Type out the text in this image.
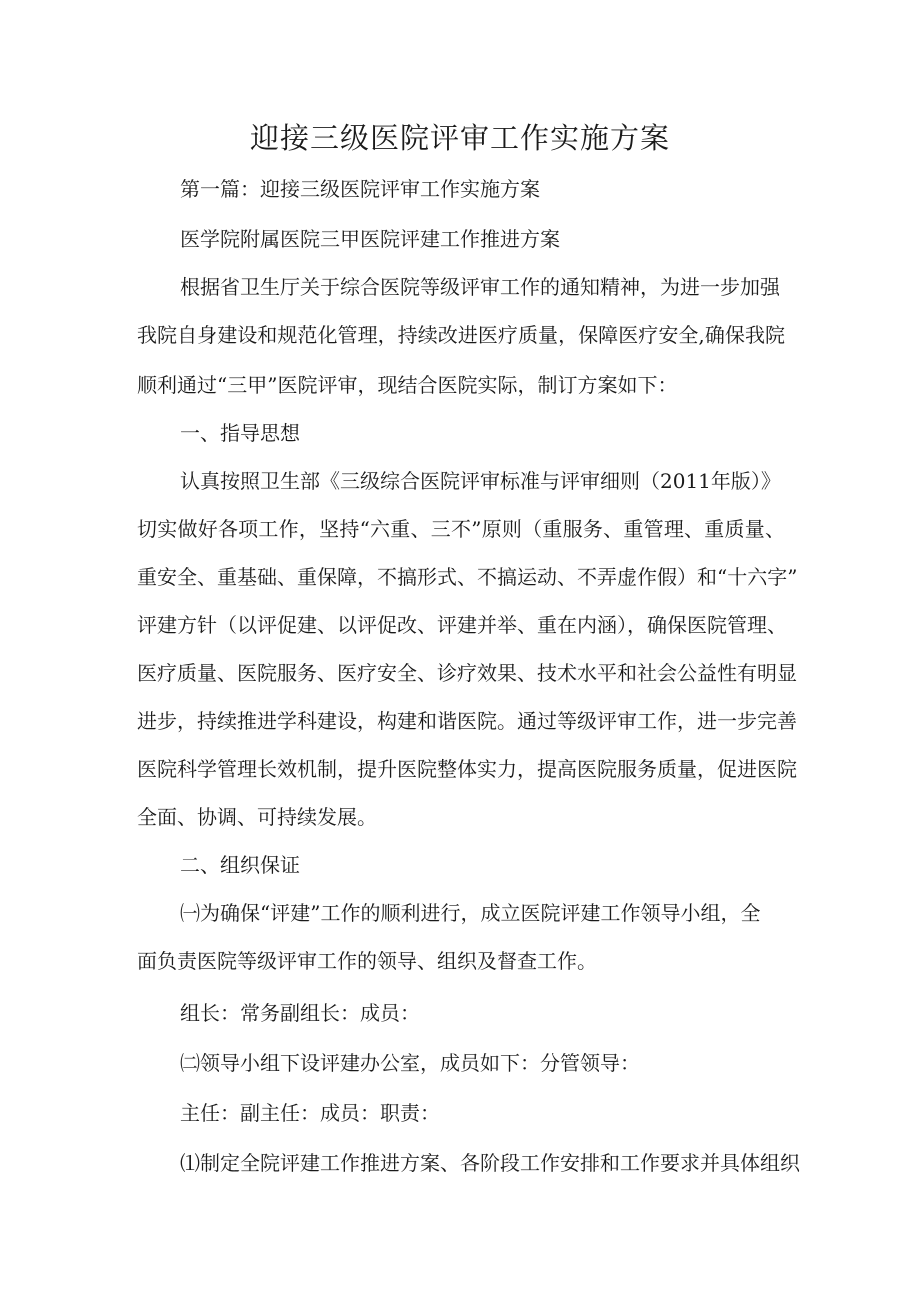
迎接三级医院评审工作实施方案
第一篇：迎接三级医院评审工作实施方案
医学院附属医院三甲医院评建工作推进方案
根据省卫生厅关于综合医院等级评审工作的通知精神，为进一步加强
我院自身建设和规范化管理，持续改进医疗质量，保障医疗安全,确保我院
顺利通过“三甲”医院评审，现结合医院实际，制订方案如下：
一、指导思想
认真按照卫生部《三级综合医院评审标准与评审细则（2011年版）》
切实做好各项工作，坚持“六重、三不”原则（重服务、重管理、重质量、
重安全、重基础、重保障，不搞形式、不搞运动、不弄虚作假）和“十六字”
评建方针（以评促建、以评促改、评建并举、重在内涵），确保医院管理、
医疗质量、医院服务、医疗安全、诊疗效果、技术水平和社会公益性有明显
进步，持续推进学科建设，构建和谐医院。通过等级评审工作，进一步完善
医院科学管理长效机制，提升医院整体实力，提高医院服务质量，促进医院
全面、协调、可持续发展。
二、组织保证
㈠为确保“评建”工作的顺利进行，成立医院评建工作领导小组，全
面负责医院等级评审工作的领导、组织及督查工作。
组长：常务副组长：成员：
㈡领导小组下设评建办公室，成员如下：分管领导：
主任：副主任：成员：职责：
⑴制定全院评建工作推进方案、各阶段工作安排和工作要求并具体组织
